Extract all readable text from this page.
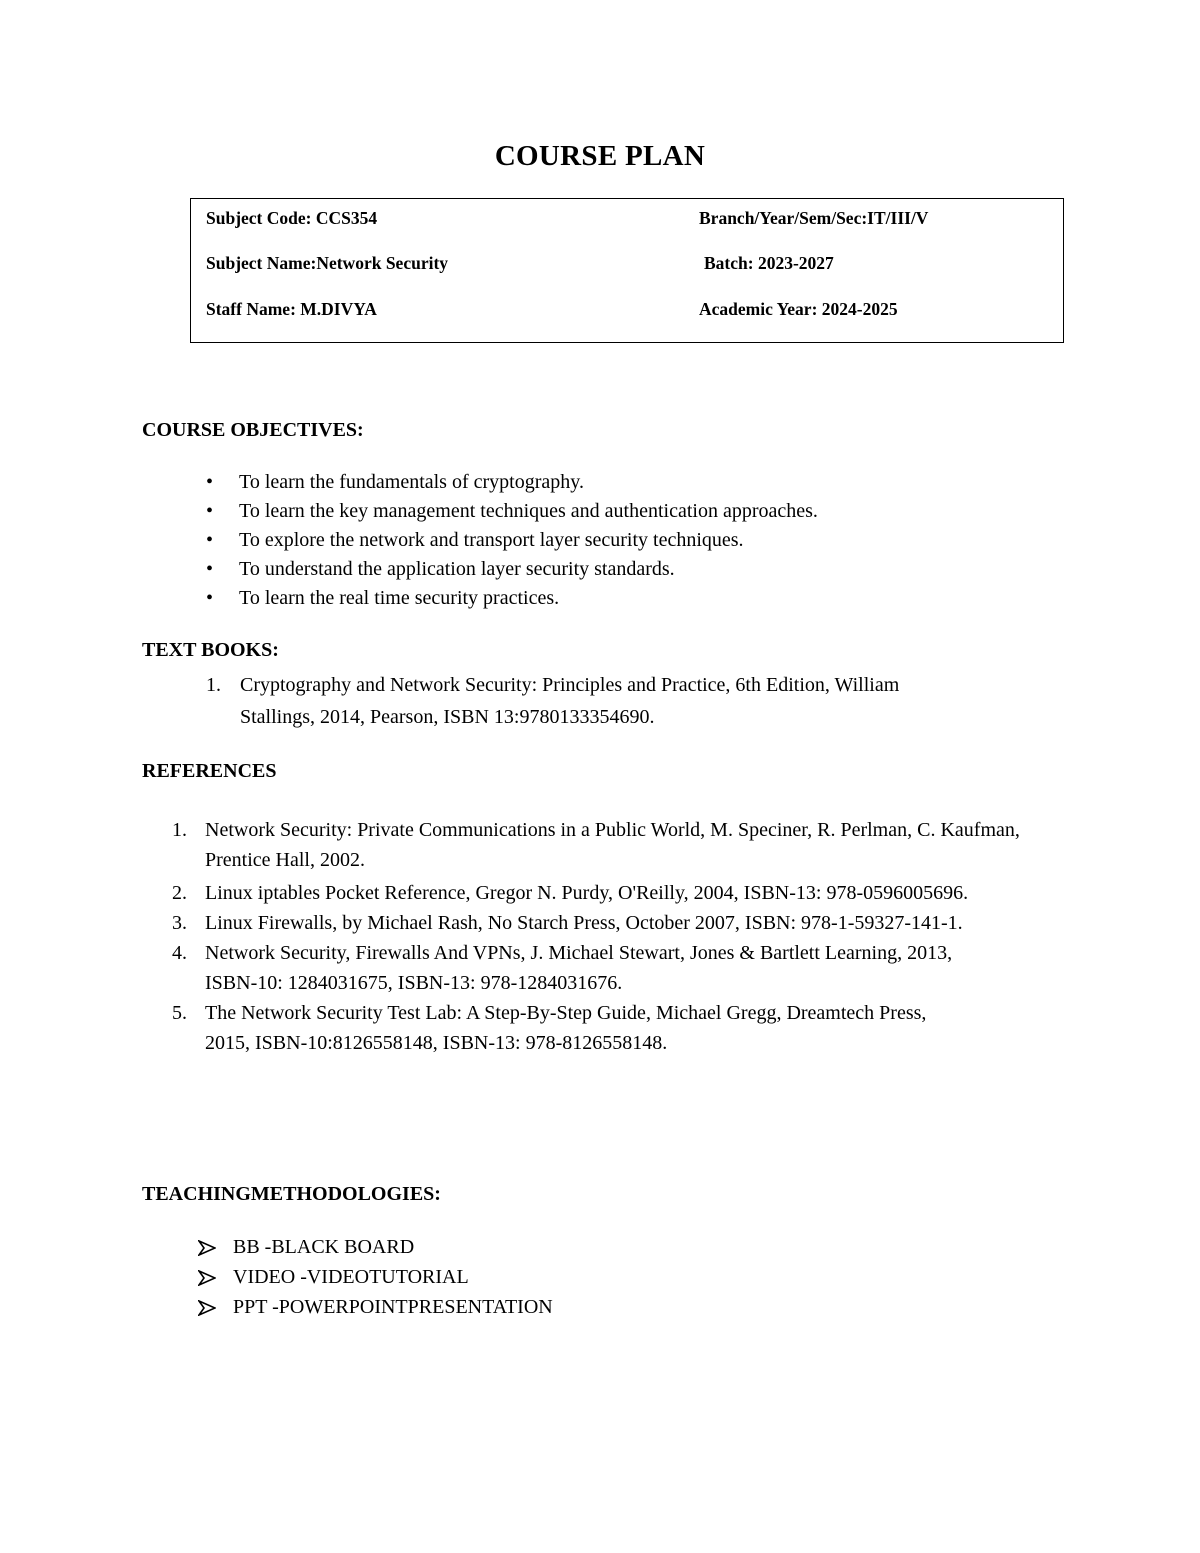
COURSE PLAN
Subject Code: CCS354	Branch/Year/Sem/Sec:IT/III/V
Subject Name:Network Security	Batch: 2023-2027
Staff Name: M.DIVYA	Academic Year: 2024-2025
COURSE OBJECTIVES:
• To learn the fundamentals of cryptography.
• To learn the key management techniques and authentication approaches.
• To explore the network and transport layer security techniques.
• To understand the application layer security standards.
• To learn the real time security practices.
TEXT BOOKS:
1. Cryptography and Network Security: Principles and Practice, 6th Edition, William Stallings, 2014, Pearson, ISBN 13:9780133354690.
REFERENCES
1. Network Security: Private Communications in a Public World, M. Speciner, R. Perlman, C. Kaufman, Prentice Hall, 2002.
2. Linux iptables Pocket Reference, Gregor N. Purdy, O'Reilly, 2004, ISBN-13: 978-0596005696.
3. Linux Firewalls, by Michael Rash, No Starch Press, October 2007, ISBN: 978-1-59327-141-1.
4. Network Security, Firewalls And VPNs, J. Michael Stewart, Jones & Bartlett Learning, 2013, ISBN-10: 1284031675, ISBN-13: 978-1284031676.
5. The Network Security Test Lab: A Step-By-Step Guide, Michael Gregg, Dreamtech Press, 2015, ISBN-10:8126558148, ISBN-13: 978-8126558148.
TEACHINGMETHODOLOGIES:
BB -BLACK BOARD
VIDEO -VIDEOTUTORIAL
PPT -POWERPOINTPRESENTATION
